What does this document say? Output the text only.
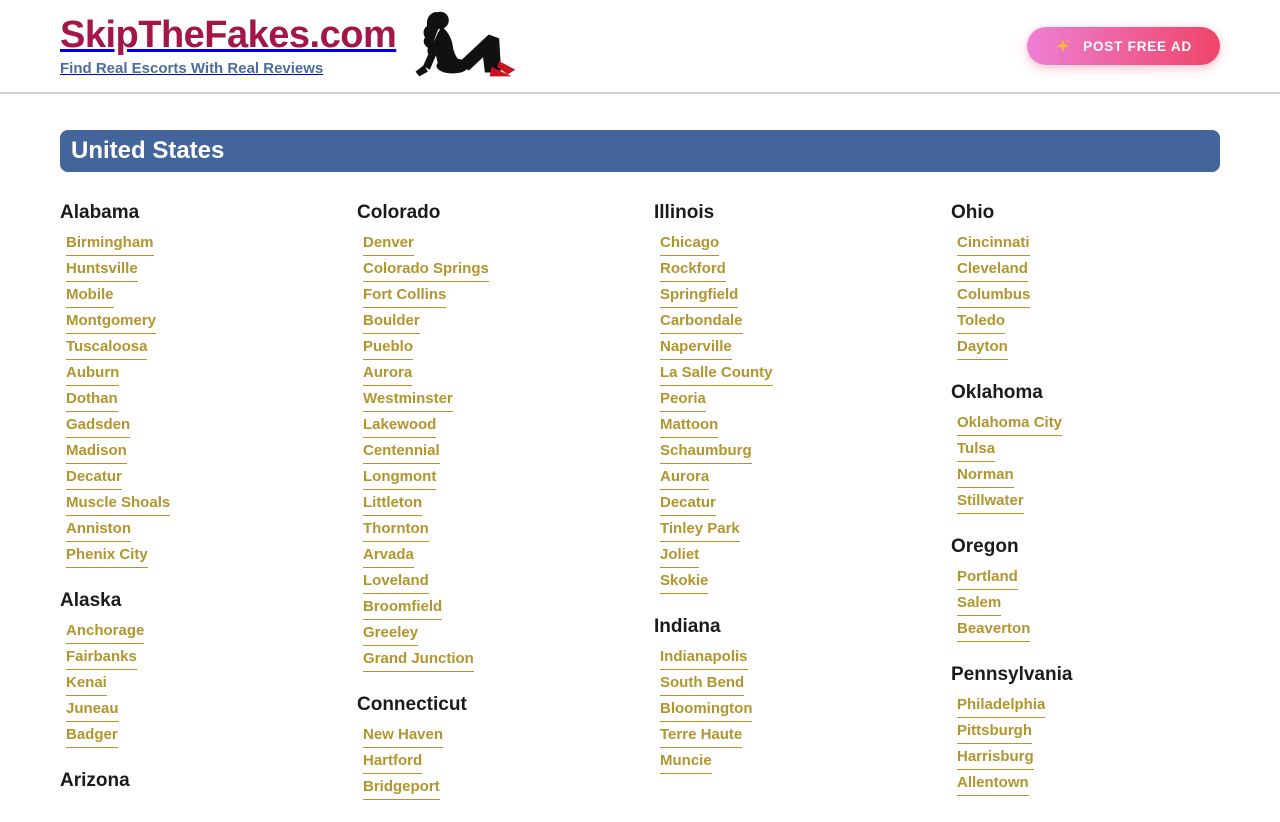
SkipTheFakes.com
Find Real Escorts With Real Reviews
POST FREE AD
United States
Alabama
Birmingham
Huntsville
Mobile
Montgomery
Tuscaloosa
Auburn
Dothan
Gadsden
Madison
Decatur
Muscle Shoals
Anniston
Phenix City
Alaska
Anchorage
Fairbanks
Kenai
Juneau
Badger
Arizona
Colorado
Denver
Colorado Springs
Fort Collins
Boulder
Pueblo
Aurora
Westminster
Lakewood
Centennial
Longmont
Littleton
Thornton
Arvada
Loveland
Broomfield
Greeley
Grand Junction
Connecticut
New Haven
Hartford
Bridgeport
Illinois
Chicago
Rockford
Springfield
Carbondale
Naperville
La Salle County
Peoria
Mattoon
Schaumburg
Aurora
Decatur
Tinley Park
Joliet
Skokie
Indiana
Indianapolis
South Bend
Bloomington
Terre Haute
Muncie
Ohio
Cincinnati
Cleveland
Columbus
Toledo
Dayton
Oklahoma
Oklahoma City
Tulsa
Norman
Stillwater
Oregon
Portland
Salem
Beaverton
Pennsylvania
Philadelphia
Pittsburgh
Harrisburg
Allentown
